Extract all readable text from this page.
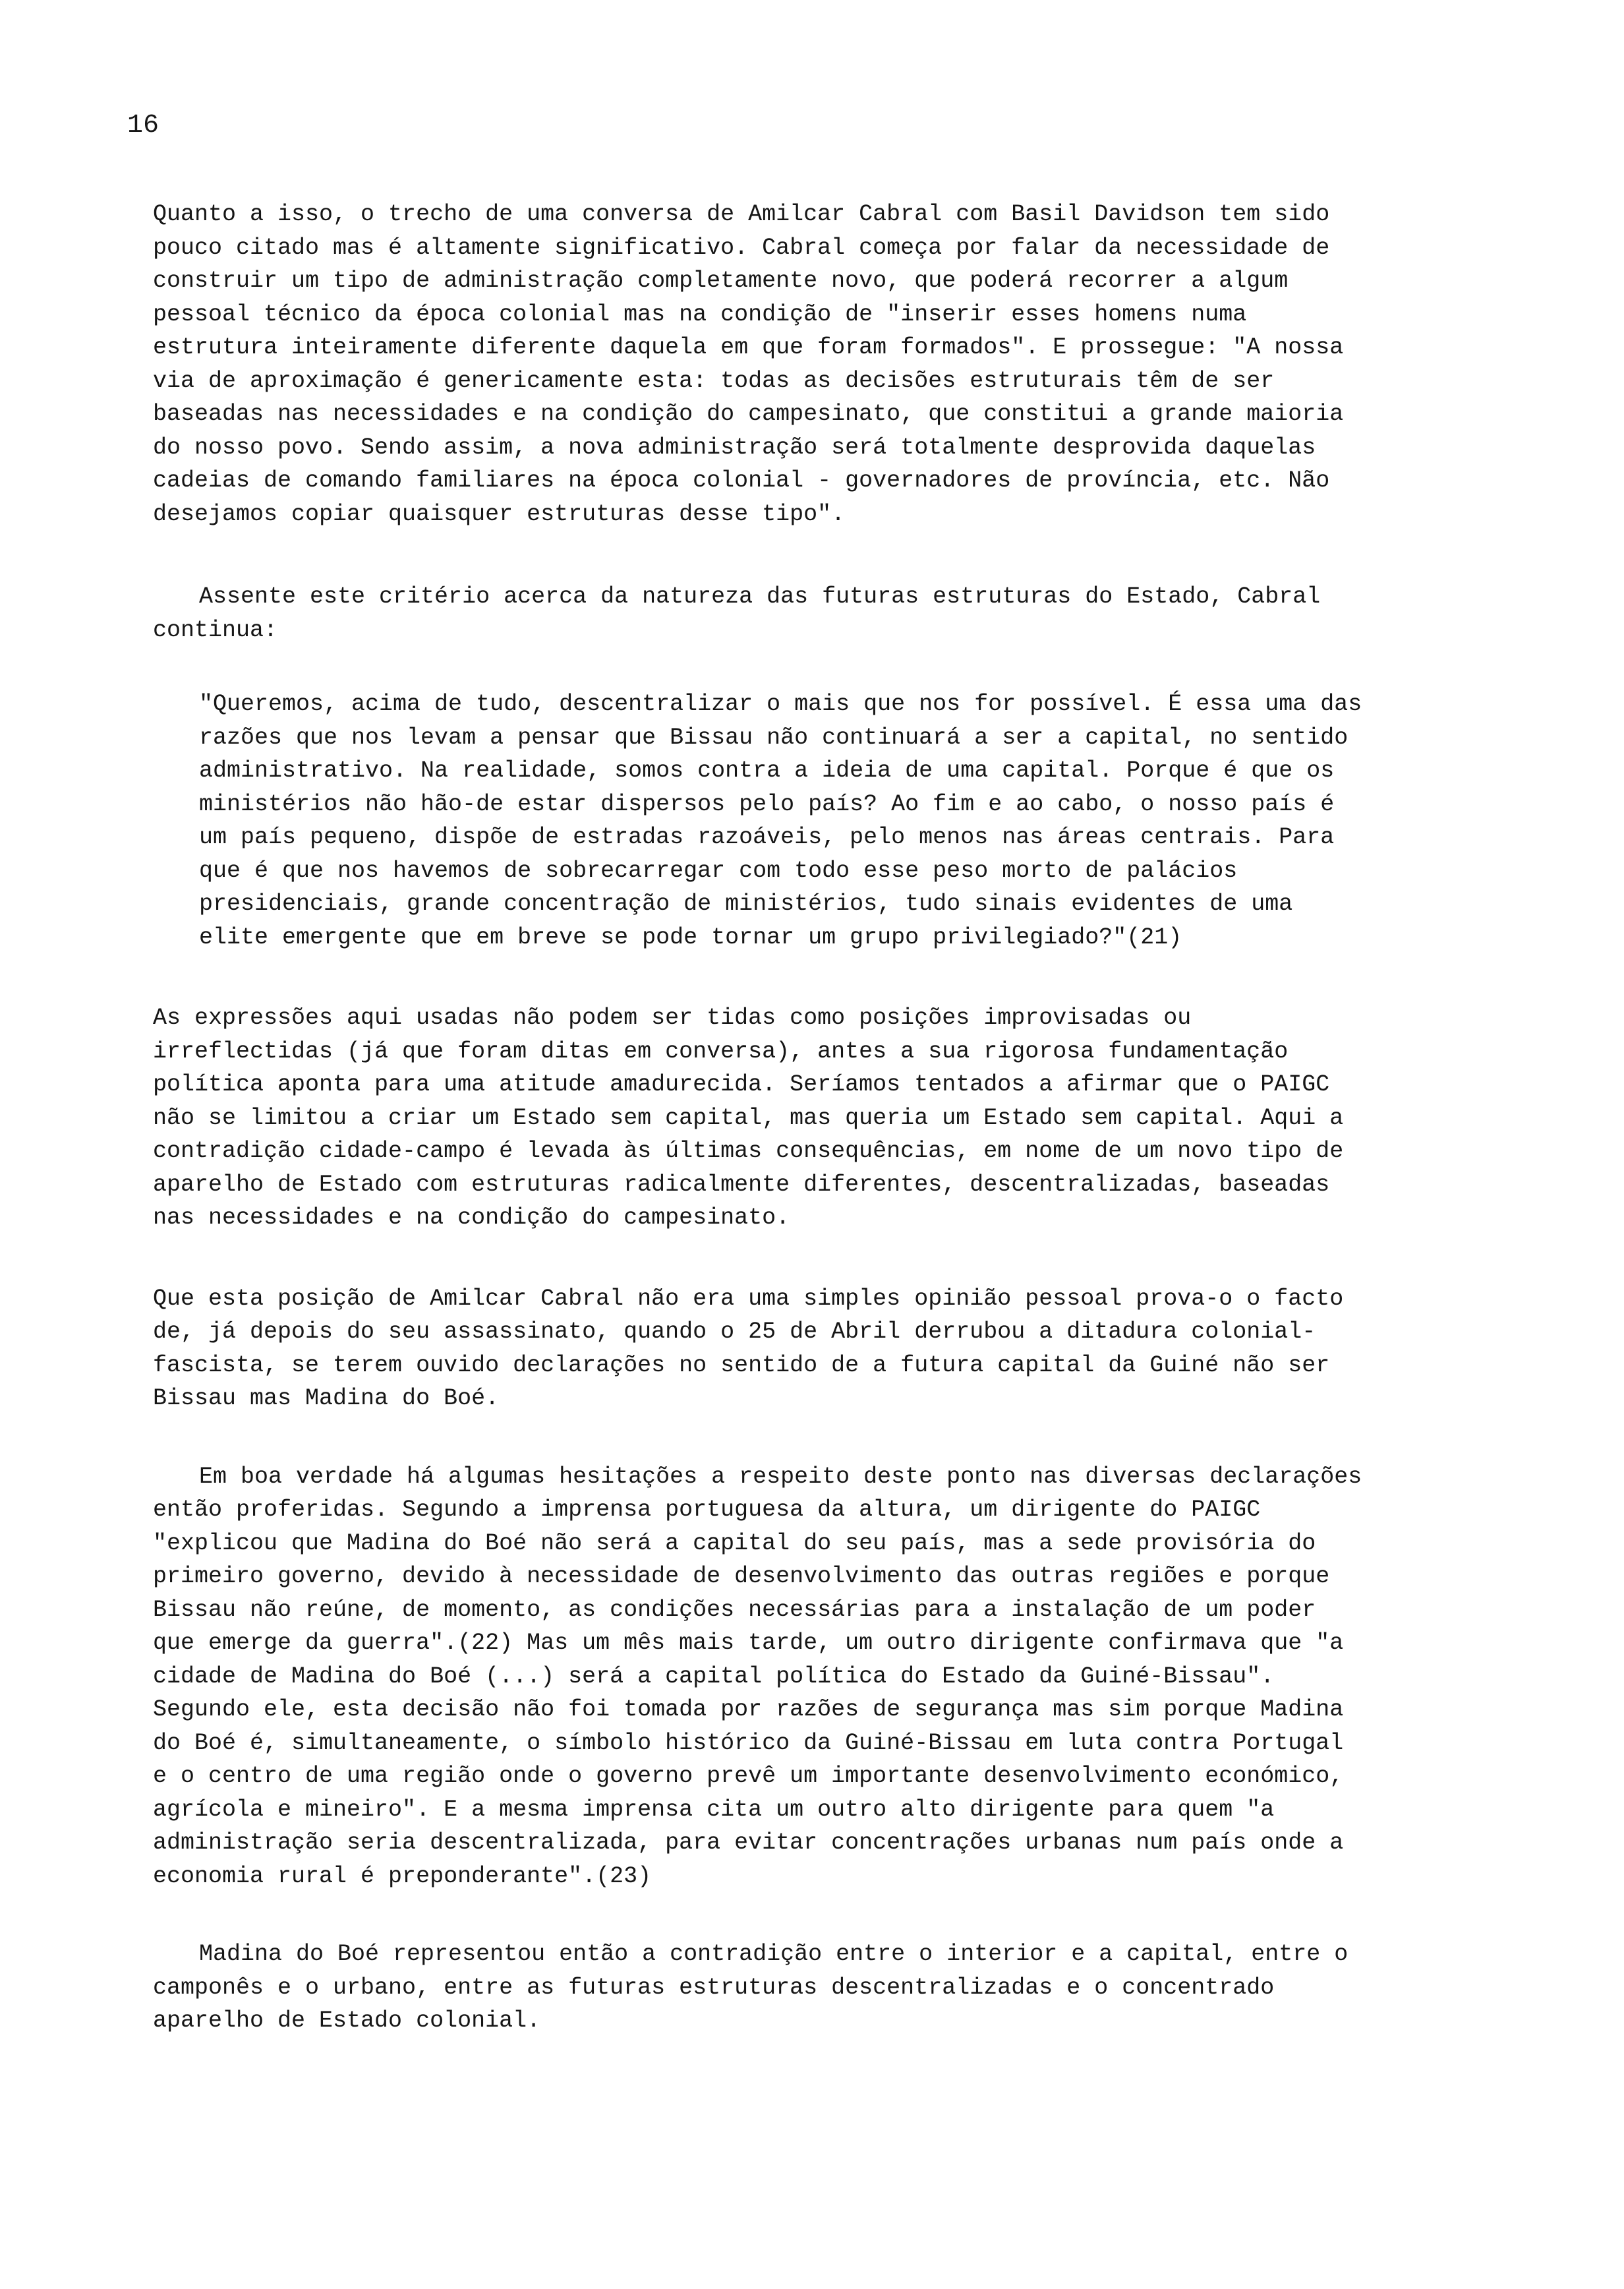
16

Quanto a isso, o trecho de uma conversa de Amilcar Cabral com Basil Davidson tem sido pouco citado mas é altamente significativo. Cabral começa por falar da necessidade de construir um tipo de administração completamente novo, que poderá recorrer a algum pessoal técnico da época colonial mas na condição de "inserir esses homens numa estrutura inteiramente diferente daquela em que foram formados". E prossegue: "A nossa via de aproximação é genericamente esta: todas as decisões estruturais têm de ser baseadas nas necessidades e na condição do campesinato, que constitui a grande maioria do nosso povo. Sendo assim, a nova administração será totalmente desprovida daquelas cadeias de comando familiares na época colonial - governadores de província, etc. Não desejamos copiar quaisquer estruturas desse tipo".

Assente este critério acerca da natureza das futuras estruturas do Estado, Cabral continua:

"Queremos, acima de tudo, descentralizar o mais que nos for possível. É essa uma das razões que nos levam a pensar que Bissau não continuará a ser a capital, no sentido administrativo. Na realidade, somos contra a ideia de uma capital. Porque é que os ministérios não hão-de estar dispersos pelo país? Ao fim e ao cabo, o nosso país é um país pequeno, dispõe de estradas razoáveis, pelo menos nas áreas centrais. Para que é que nos havemos de sobrecarregar com todo esse peso morto de palácios presidenciais, grande concentração de ministérios, tudo sinais evidentes de uma elite emergente que em breve se pode tornar um grupo privilegiado?"(21)

As expressões aqui usadas não podem ser tidas como posições improvisadas ou irreflectidas (já que foram ditas em conversa), antes a sua rigorosa fundamentação política aponta para uma atitude amadurecida. Seríamos tentados a afirmar que o PAIGC não se limitou a criar um Estado sem capital, mas queria um Estado sem capital. Aqui a contradição cidade-campo é levada às últimas consequências, em nome de um novo tipo de aparelho de Estado com estruturas radicalmente diferentes, descentralizadas, baseadas nas necessidades e na condição do campesinato.

Que esta posição de Amilcar Cabral não era uma simples opinião pessoal prova-o o facto de, já depois do seu assassinato, quando o 25 de Abril derrubou a ditadura colonial-fascista, se terem ouvido declarações no sentido de a futura capital da Guiné não ser Bissau mas Madina do Boé.

Em boa verdade há algumas hesitações a respeito deste ponto nas diversas declarações então proferidas. Segundo a imprensa portuguesa da altura, um dirigente do PAIGC "explicou que Madina do Boé não será a capital do seu país, mas a sede provisória do primeiro governo, devido à necessidade de desenvolvimento das outras regiões e porque Bissau não reúne, de momento, as condições necessárias para a instalação de um poder que emerge da guerra".(22) Mas um mês mais tarde, um outro dirigente confirmava que "a cidade de Madina do Boé (...) será a capital política do Estado da Guiné-Bissau". Segundo ele, esta decisão não foi tomada por razões de segurança mas sim porque Madina do Boé é, simultaneamente, o símbolo histórico da Guiné-Bissau em luta contra Portugal e o centro de uma região onde o governo prevê um importante desenvolvimento económico, agrícola e mineiro". E a mesma imprensa cita um outro alto dirigente para quem "a administração seria descentralizada, para evitar concentrações urbanas num país onde a economia rural é preponderante".(23)

Madina do Boé representou então a contradição entre o interior e a capital, entre o camponês e o urbano, entre as futuras estruturas descentralizadas e o concentrado aparelho de Estado colonial.
